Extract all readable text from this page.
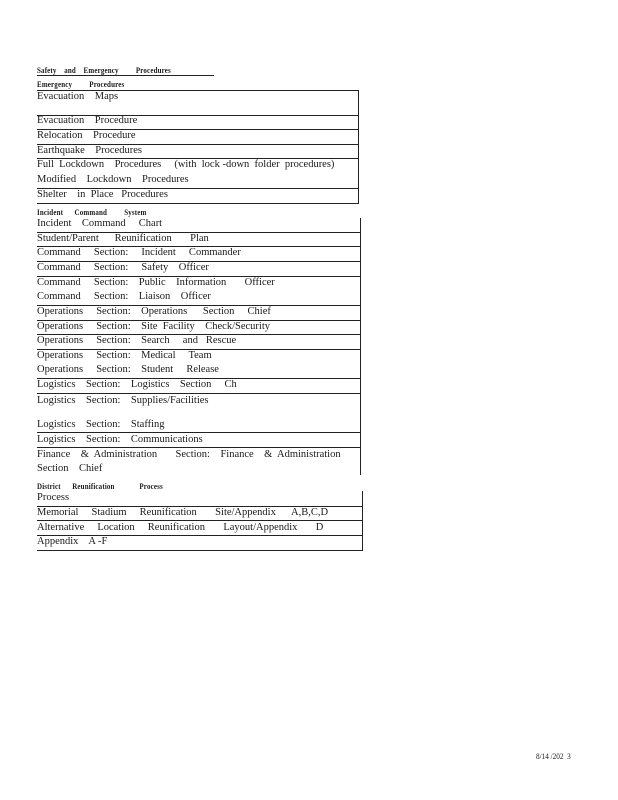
Safety    and    Emergency         Procedures
Emergency         Procedures
Evacuation    Maps
Evacuation    Procedure
Relocation    Procedure
Earthquake    Procedures
Full  Lockdown    Procedures     (with  lock -down  folder  procedures)
Modified    Lockdown    Procedures
Shelter    in  Place   Procedures
Incident      Command         System
Incident    Command     Chart
Student/Parent      Reunification       Plan
Command     Section:     Incident     Commander
Command     Section:     Safety    Officer
Command     Section:    Public    Information       Officer
Command     Section:    Liaison    Officer
Operations     Section:    Operations      Section     Chief
Operations     Section:    Site  Facility    Check/Security
Operations     Section:    Search     and   Rescue
Operations     Section:    Medical     Team
Operations     Section:    Student     Release
Logistics    Section:    Logistics    Section     Ch
Logistics    Section:    Supplies/Facilities
Logistics    Section:    Staffing
Logistics    Section:    Communications
Finance    &  Administration       Section:    Finance    &  Administration
Section    Chief
District      Reunification             Process
Process
Memorial     Stadium     Reunification       Site/Appendix      A,B,C,D
Alternative     Location     Reunification       Layout/Appendix       D
Appendix    A -F
8/14 /202  3
